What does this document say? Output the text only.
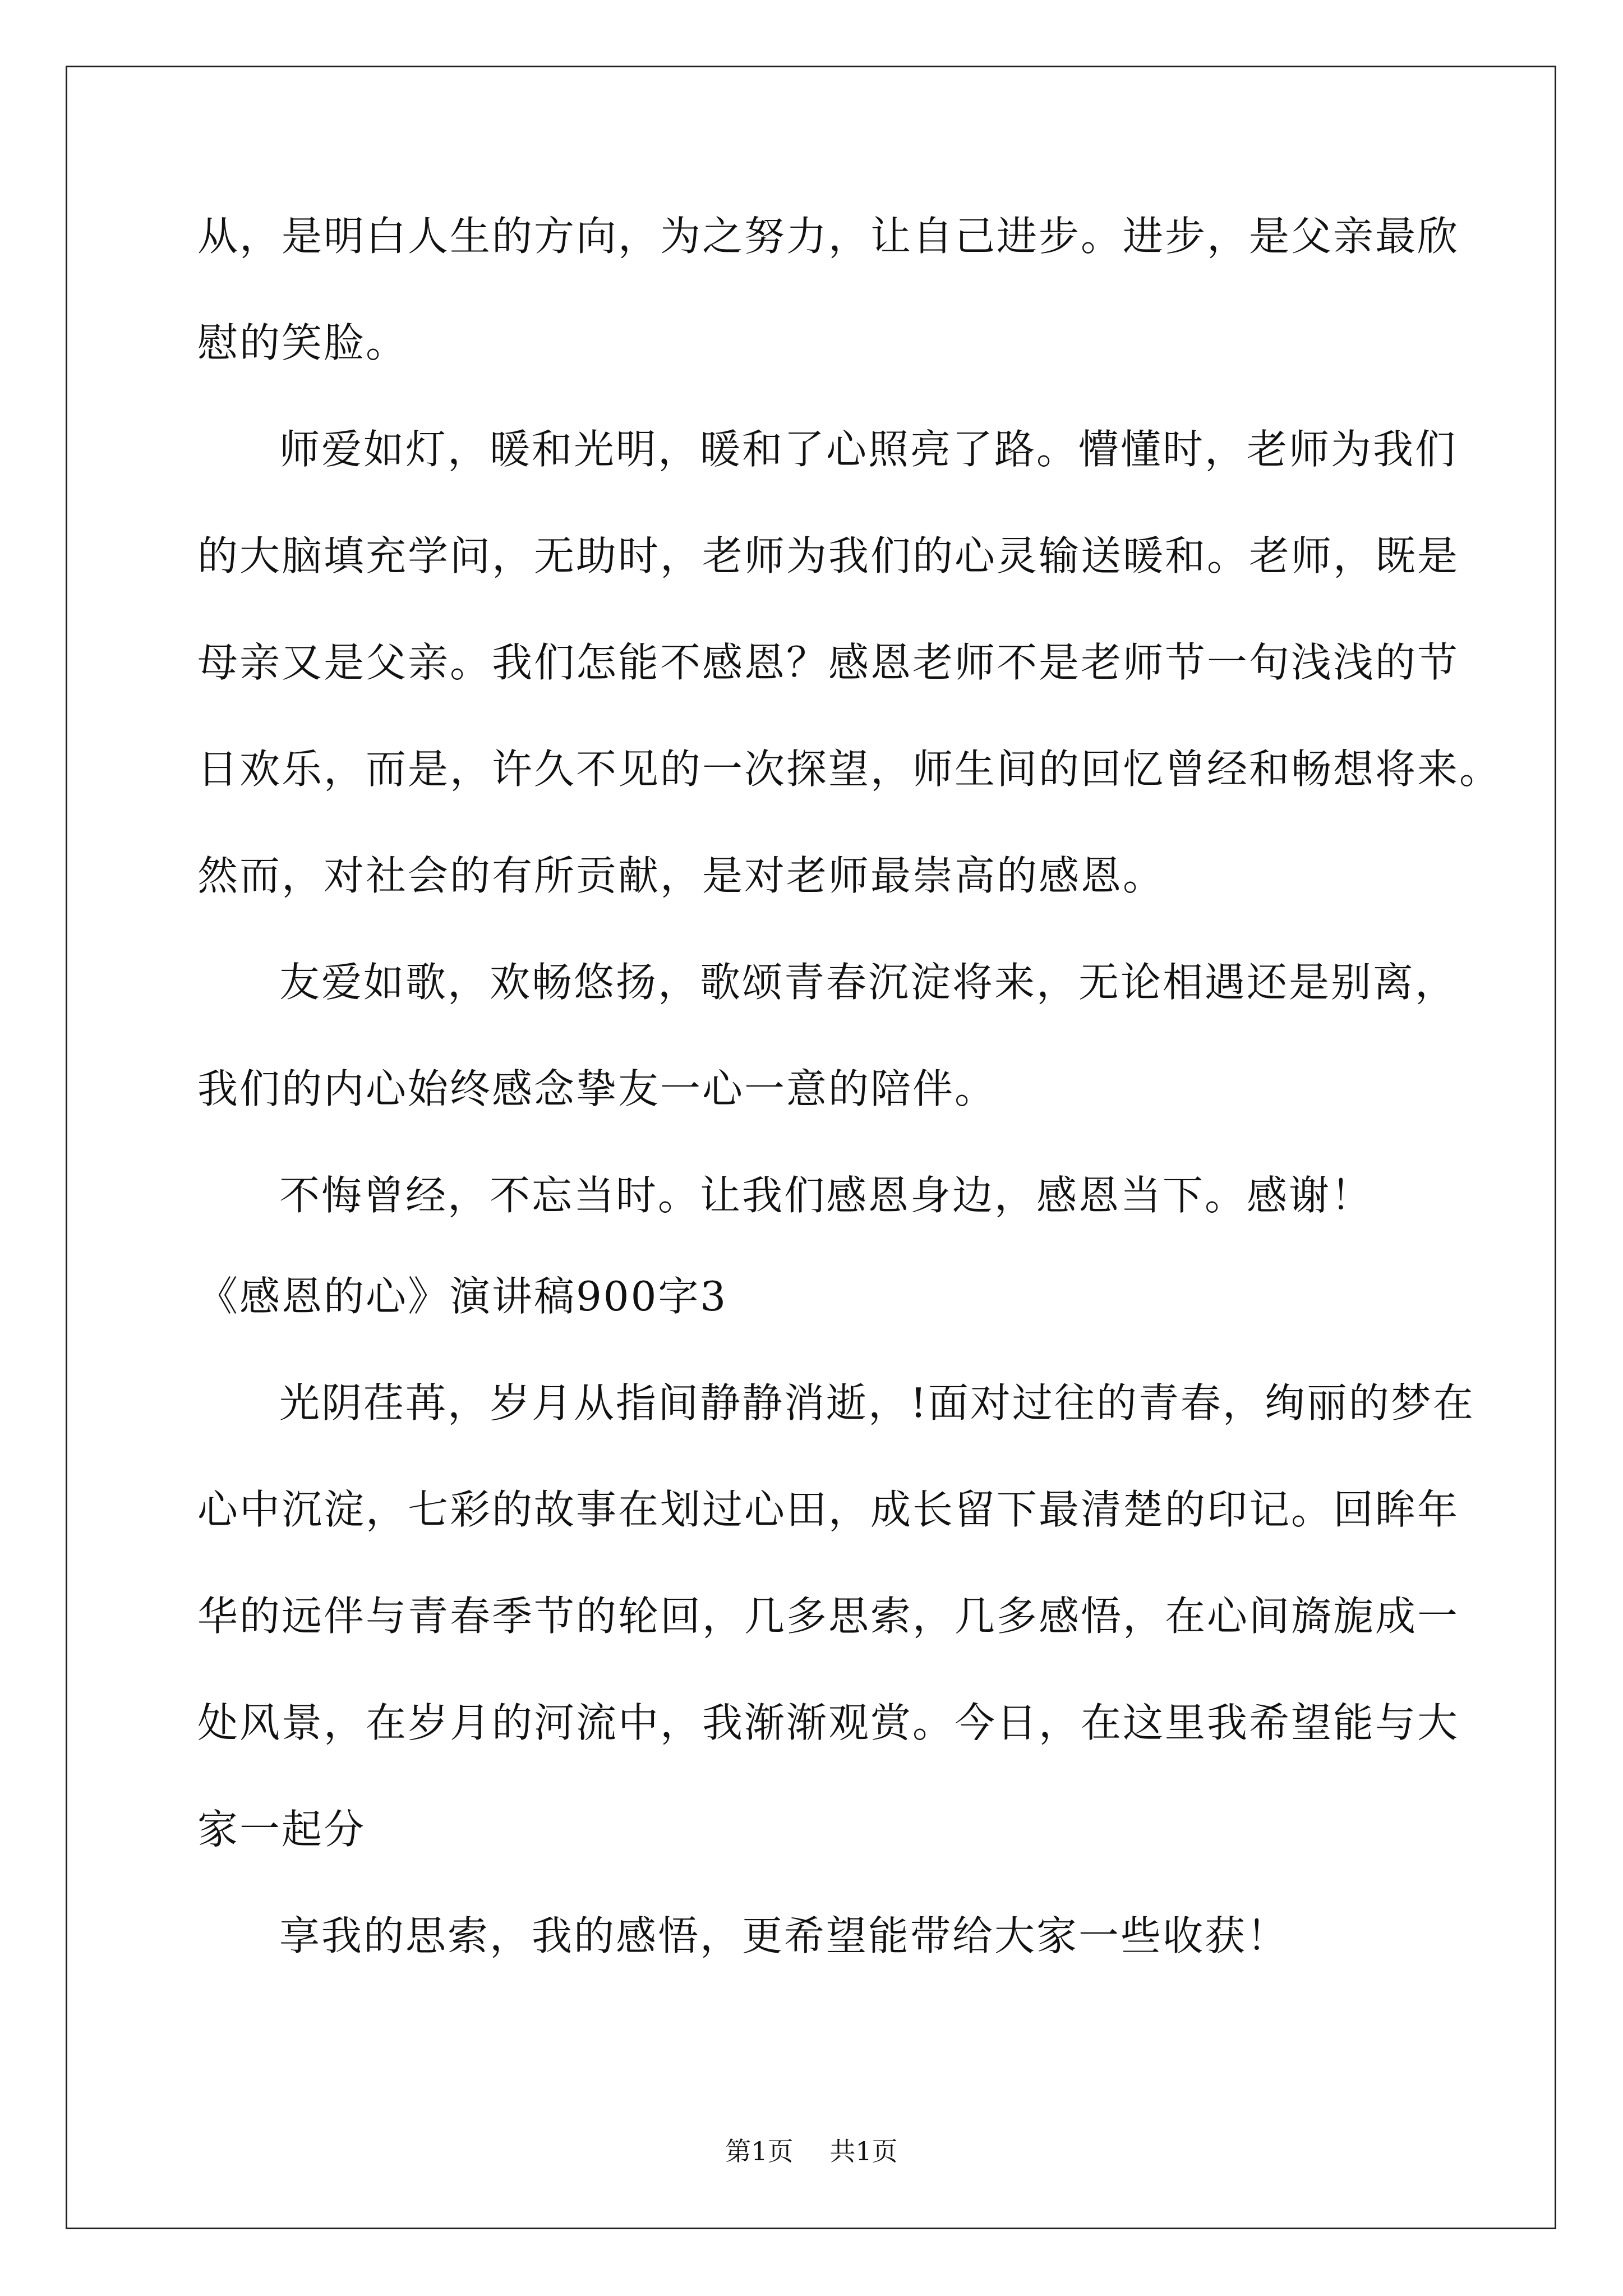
从，是明白人生的方向，为之努力，让自己进步。进步，是父亲最欣
慰的笑脸。
师爱如灯，暖和光明，暖和了心照亮了路。懵懂时，老师为我们
的大脑填充学问，无助时，老师为我们的心灵输送暖和。老师，既是
母亲又是父亲。我们怎能不感恩？感恩老师不是老师节一句浅浅的节
日欢乐，而是，许久不见的一次探望，师生间的回忆曾经和畅想将来。
然而，对社会的有所贡献，是对老师最崇高的感恩。
友爱如歌，欢畅悠扬，歌颂青春沉淀将来，无论相遇还是别离，
我们的内心始终感念挚友一心一意的陪伴。
不悔曾经，不忘当时。让我们感恩身边，感恩当下。感谢！
《感恩的心》演讲稿900字3
光阴荏苒，岁月从指间静静消逝，!面对过往的青春，绚丽的梦在
心中沉淀，七彩的故事在划过心田，成长留下最清楚的印记。回眸年
华的远伴与青春季节的轮回，几多思索，几多感悟，在心间旖旎成一
处风景，在岁月的河流中，我渐渐观赏。今日，在这里我希望能与大
家一起分
享我的思索，我的感悟，更希望能带给大家一些收获！
第1页 共1页
